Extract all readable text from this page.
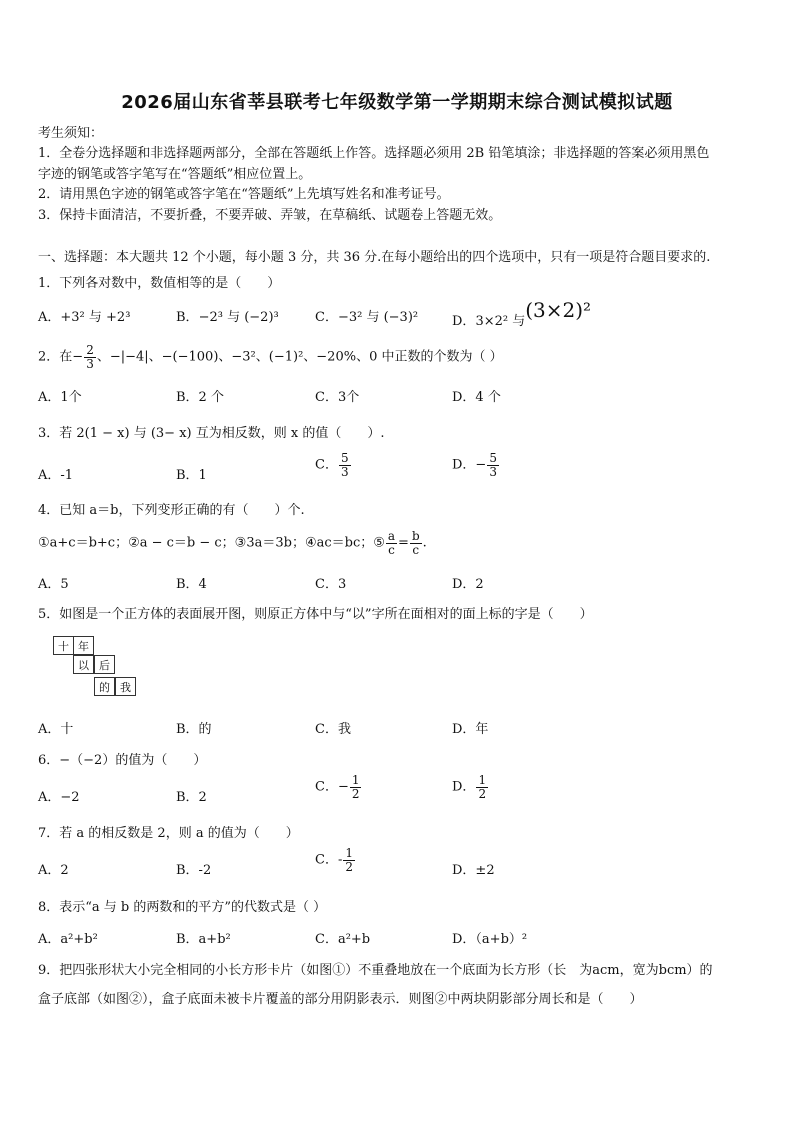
2026届山东省莘县联考七年级数学第一学期期末综合测试模拟试题
考生须知：
1．全卷分选择题和非选择题两部分，全部在答题纸上作答。选择题必须用 2B 铅笔填涂；非选择题的答案必须用黑色
字迹的钢笔或答字笔写在“答题纸”相应位置上。
2．请用黑色字迹的钢笔或答字笔在“答题纸”上先填写姓名和准考证号。
3．保持卡面清洁，不要折叠，不要弄破、弄皱，在草稿纸、试题卷上答题无效。
一、选择题：本大题共 12 个小题，每小题 3 分，共 36 分.在每小题给出的四个选项中，只有一项是符合题目要求的.
1．下列各对数中，数值相等的是（　　）
A．+3² 与 +2³	B．−2³ 与 (−2)³	C．−3² 与 (−3)²	D．3×2² 与(3×2)²
2．在− $\frac{2}{3}$ 、−|−4|、−(−100)、−3²、(−1)²、−20%、0 中正数的个数为（ ）
A．1个	B．2 个	C．3个	D．4 个
3．若 2(1 − x) 与 (3− x) 互为相反数，则 x 的值（　　）.
A．-1	B．1
C． $\frac{5}{3}$	D．− $\frac{5}{3}$
4．已知 a＝b，下列变形正确的有（　　）个.
①a+c＝b+c；②a − c＝b − c；③3a＝3b；④ac＝bc；⑤ $\frac{a}{c} = \frac{b}{c}$ .
A．5	B．4	C．3	D．2
5．如图是一个正方体的表面展开图，则原正方体中与“以”字所在面相对的面上标的字是（　　）
十 年
以 后
的 我
A．十	B．的	C．我	D．年
6．−（−2）的值为（　　）
A．−2	B．2
C．− $\frac{1}{2}$	D． $\frac{1}{2}$
7．若 a 的相反数是 2，则 a 的值为（　　）
A．2	B．-2
C．- $\frac{1}{2}$	D．±2
8．表示“a 与 b 的两数和的平方”的代数式是（ ）
A．a²+b²	B．a+b²	C．a²+b	D．（a+b）²
9．把四张形状大小完全相同的小长方形卡片（如图①）不重叠地放在一个底面为长方形（长　为acm，宽为bcm）的
盒子底部（如图②），盒子底面未被卡片覆盖的部分用阴影表示．则图②中两块阴影部分周长和是（　　）
